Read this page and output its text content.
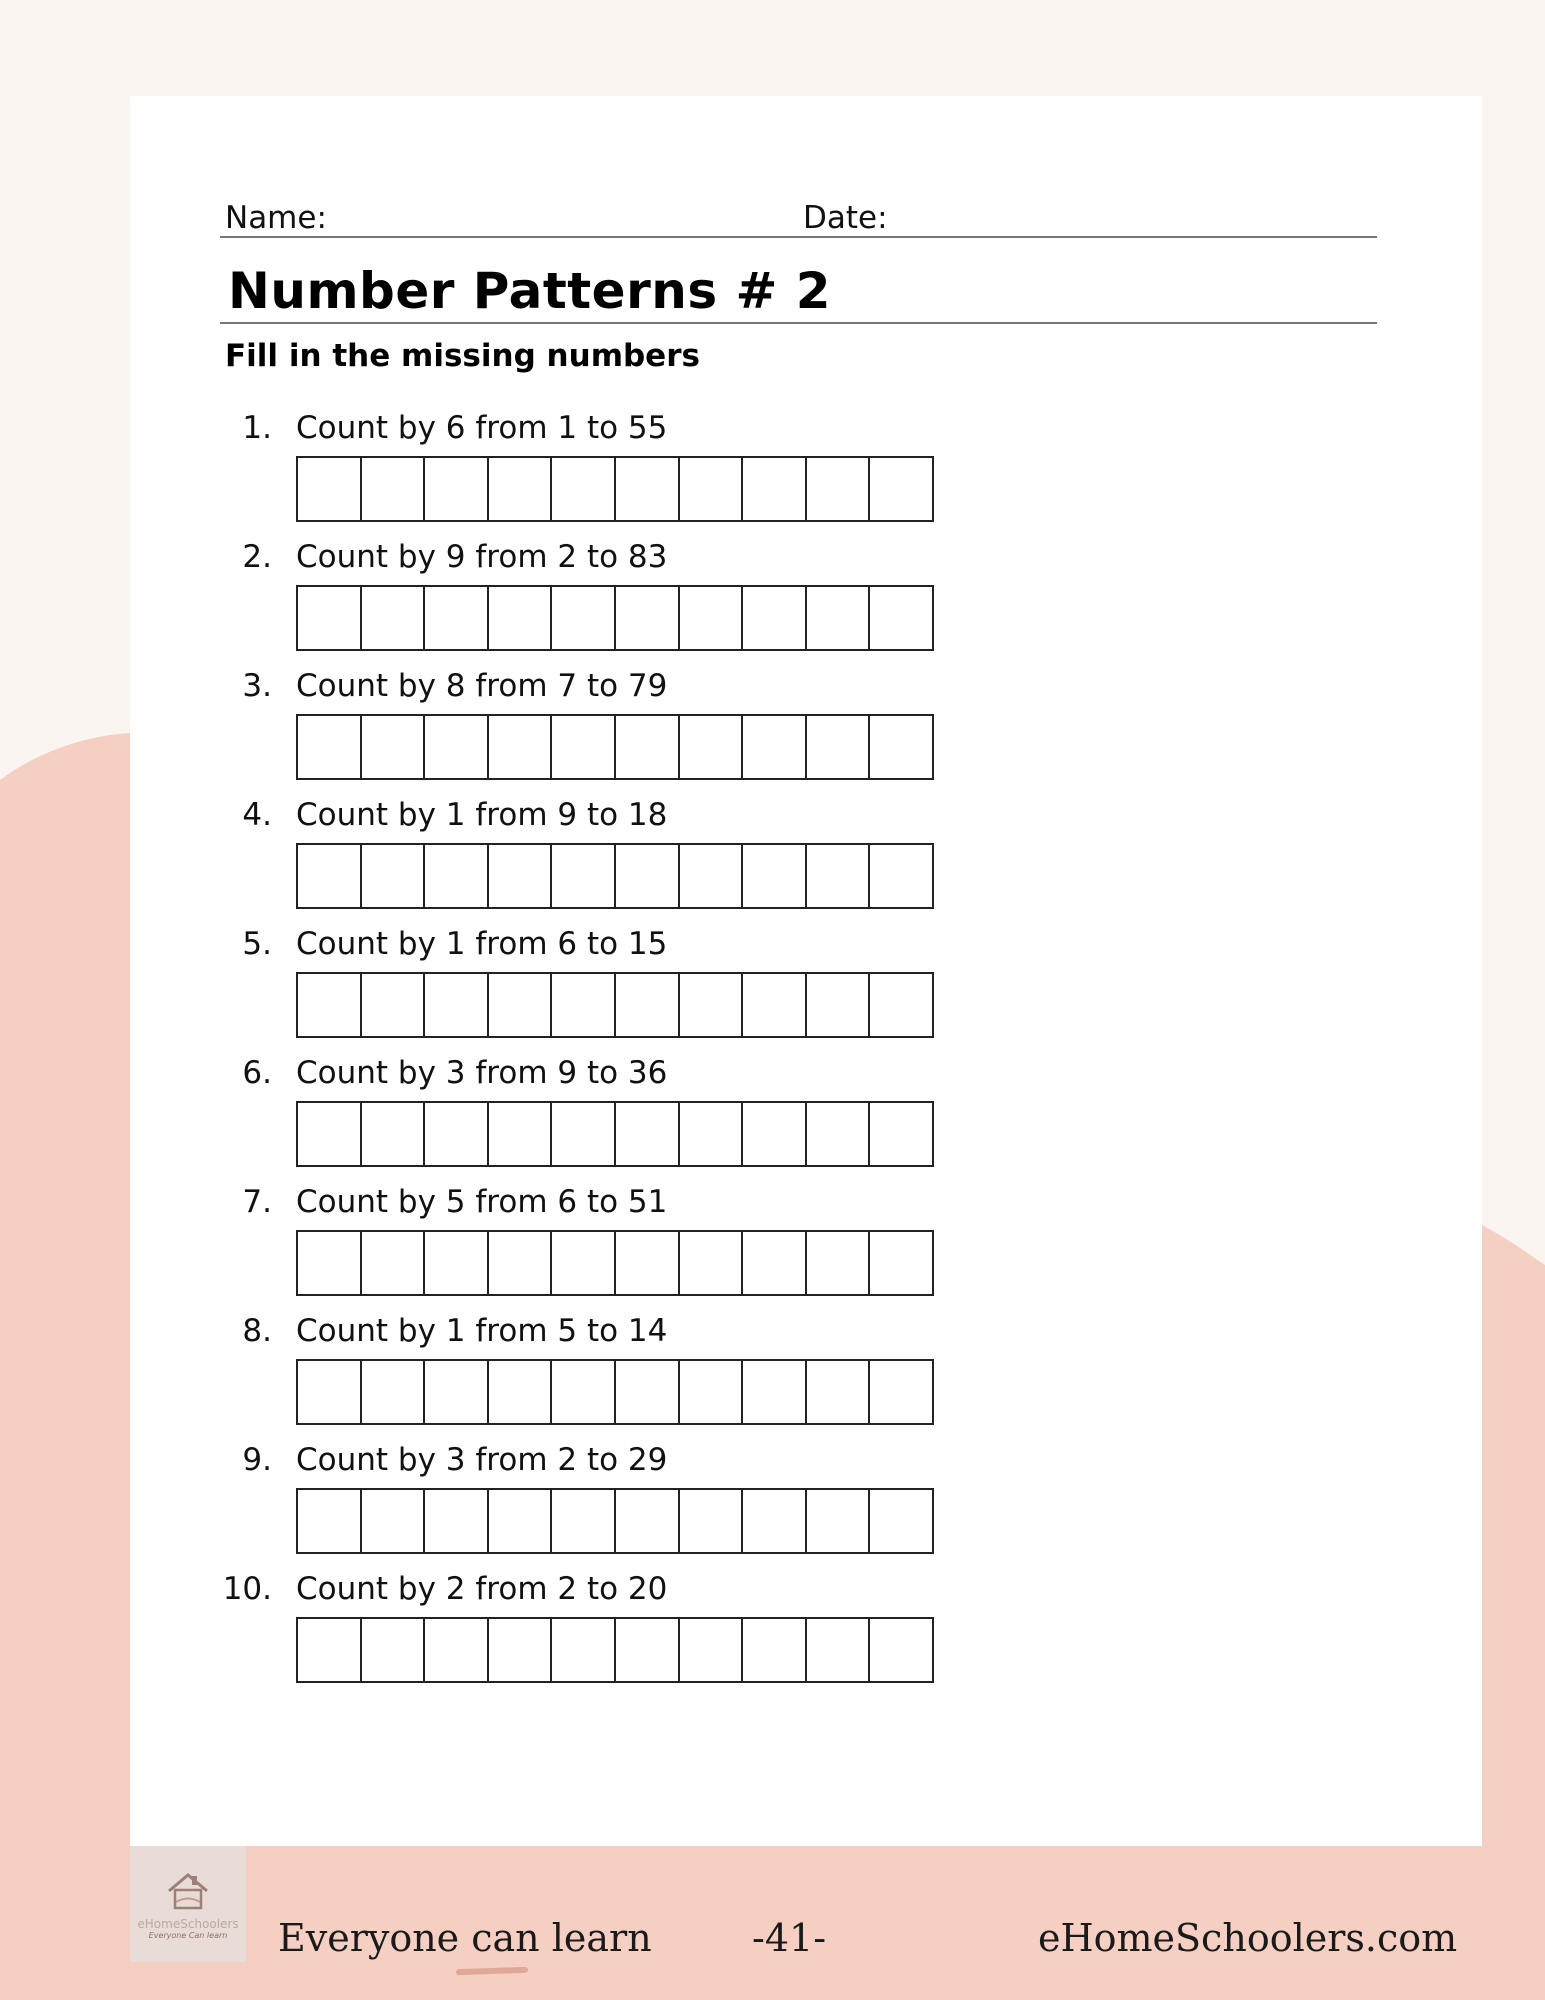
Name:	Date:
Number Patterns # 2
Fill in the missing numbers
1. Count by 6 from 1 to 55
2. Count by 9 from 2 to 83
3. Count by 8 from 7 to 79
4. Count by 1 from 9 to 18
5. Count by 1 from 6 to 15
6. Count by 3 from 9 to 36
7. Count by 5 from 6 to 51
8. Count by 1 from 5 to 14
9. Count by 3 from 2 to 29
10. Count by 2 from 2 to 20
eHomeSchoolers
Everyone Can learn Everyone can learn	-41-	eHomeSchoolers.com
